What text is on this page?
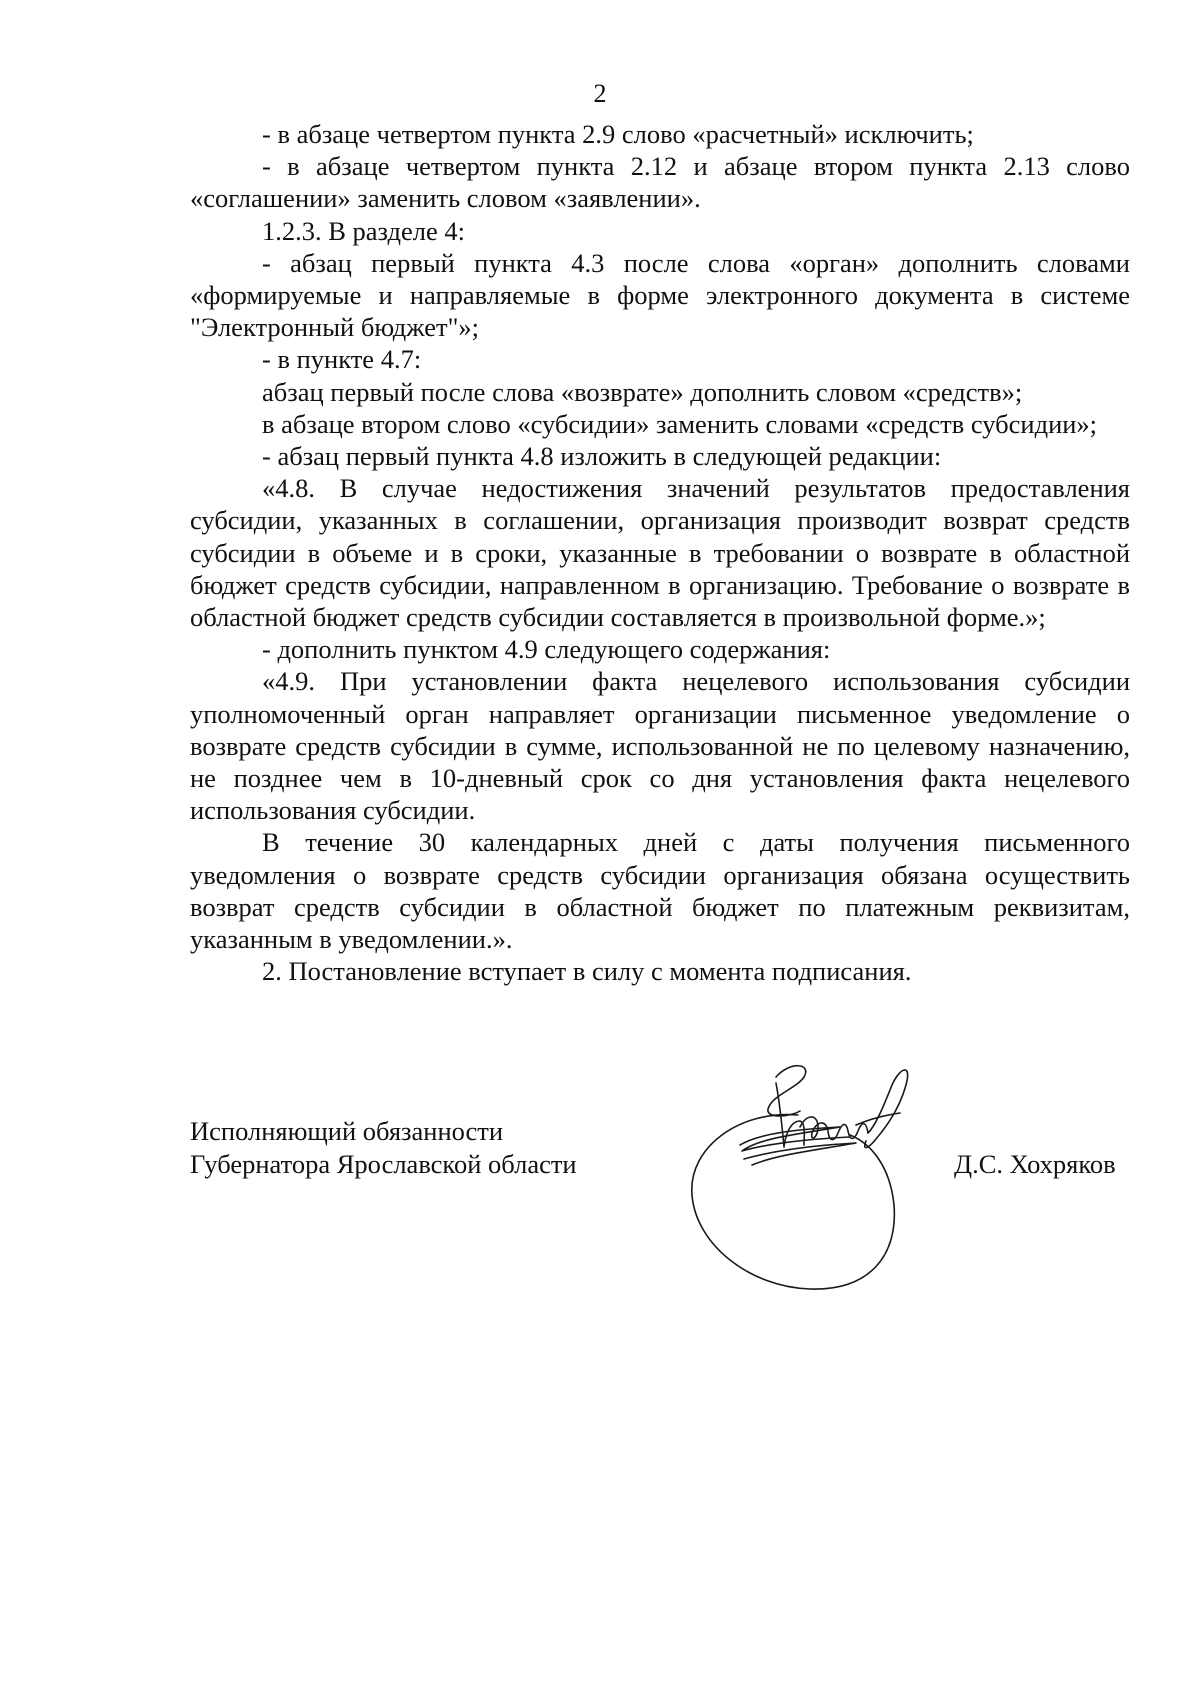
2

- в абзаце четвертом пункта 2.9 слово «расчетный» исключить;

- в абзаце четвертом пункта 2.12 и абзаце втором пункта 2.13 слово «соглашении» заменить словом «заявлении».

1.2.3. В разделе 4:

- абзац первый пункта 4.3 после слова «орган» дополнить словами «формируемые и направляемые в форме электронного документа в системе "Электронный бюджет"»;

- в пункте 4.7:

абзац первый после слова «возврате» дополнить словом «средств»;

в абзаце втором слово «субсидии» заменить словами «средств субсидии»;

- абзац первый пункта 4.8 изложить в следующей редакции:

«4.8. В случае недостижения значений результатов предоставления субсидии, указанных в соглашении, организация производит возврат средств субсидии в объеме и в сроки, указанные в требовании о возврате в областной бюджет средств субсидии, направленном в организацию. Требование о возврате в областной бюджет средств субсидии составляется в произвольной форме.»;

- дополнить пунктом 4.9 следующего содержания:

«4.9. При установлении факта нецелевого использования субсидии уполномоченный орган направляет организации письменное уведомление о возврате средств субсидии в сумме, использованной не по целевому назначению, не позднее чем в 10-дневный срок со дня установления факта нецелевого использования субсидии.

В течение 30 календарных дней с даты получения письменного уведомления о возврате средств субсидии организация обязана осуществить возврат средств субсидии в областной бюджет по платежным реквизитам, указанным в уведомлении.».

2. Постановление вступает в силу с момента подписания.

Исполняющий обязанности
Губернатора Ярославской области	Д.С. Хохряков
